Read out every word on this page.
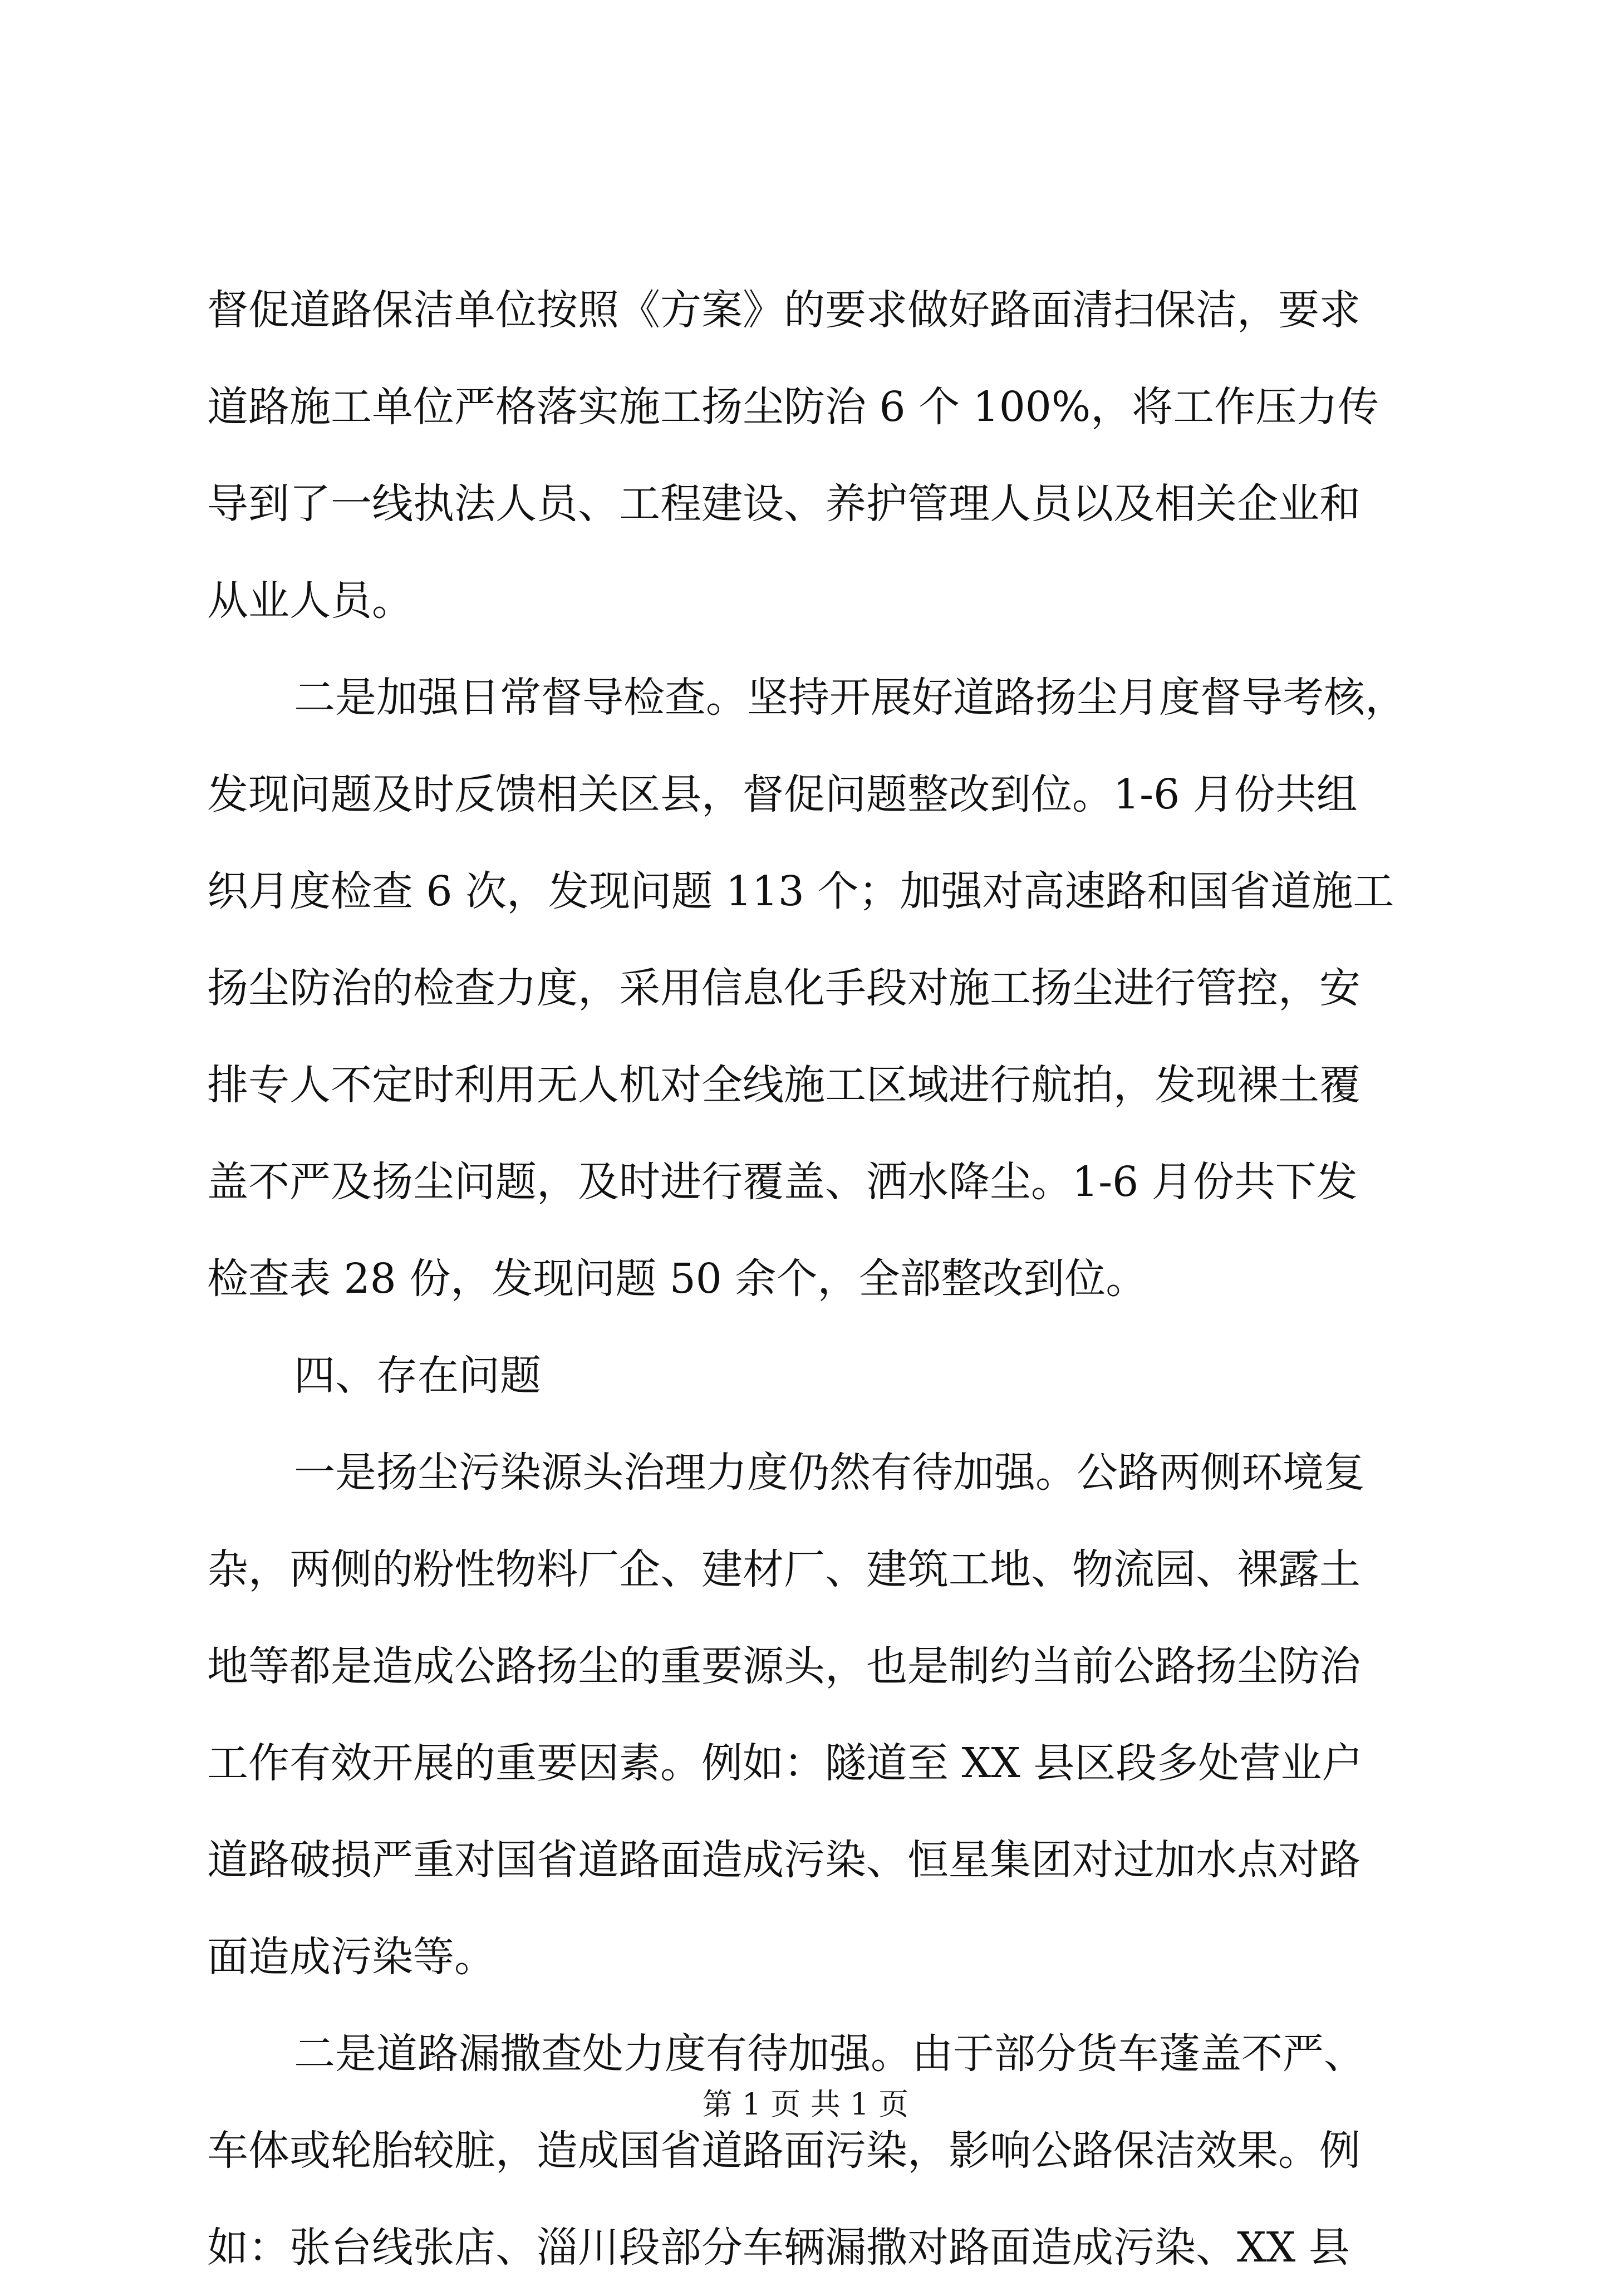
督促道路保洁单位按照《方案》的要求做好路面清扫保洁，要求
道路施工单位严格落实施工扬尘防治 6 个 100%，将工作压力传
导到了一线执法人员、工程建设、养护管理人员以及相关企业和
从业人员。
二是加强日常督导检查。坚持开展好道路扬尘月度督导考核，
发现问题及时反馈相关区县，督促问题整改到位。1-6 月份共组
织月度检查 6 次，发现问题 113 个；加强对高速路和国省道施工
扬尘防治的检查力度，采用信息化手段对施工扬尘进行管控，安
排专人不定时利用无人机对全线施工区域进行航拍，发现裸土覆
盖不严及扬尘问题，及时进行覆盖、洒水降尘。1-6 月份共下发
检查表 28 份，发现问题 50 余个，全部整改到位。
四、存在问题
一是扬尘污染源头治理力度仍然有待加强。公路两侧环境复
杂，两侧的粉性物料厂企、建材厂、建筑工地、物流园、裸露土
地等都是造成公路扬尘的重要源头，也是制约当前公路扬尘防治
工作有效开展的重要因素。例如：隧道至 XX 县区段多处营业户
道路破损严重对国省道路面造成污染、恒星集团对过加水点对路
面造成污染等。
二是道路漏撒查处力度有待加强。由于部分货车蓬盖不严、
车体或轮胎较脏，造成国省道路面污染，影响公路保洁效果。例
如：张台线张店、淄川段部分车辆漏撒对路面造成污染、XX 县
第 1 页 共 1 页
